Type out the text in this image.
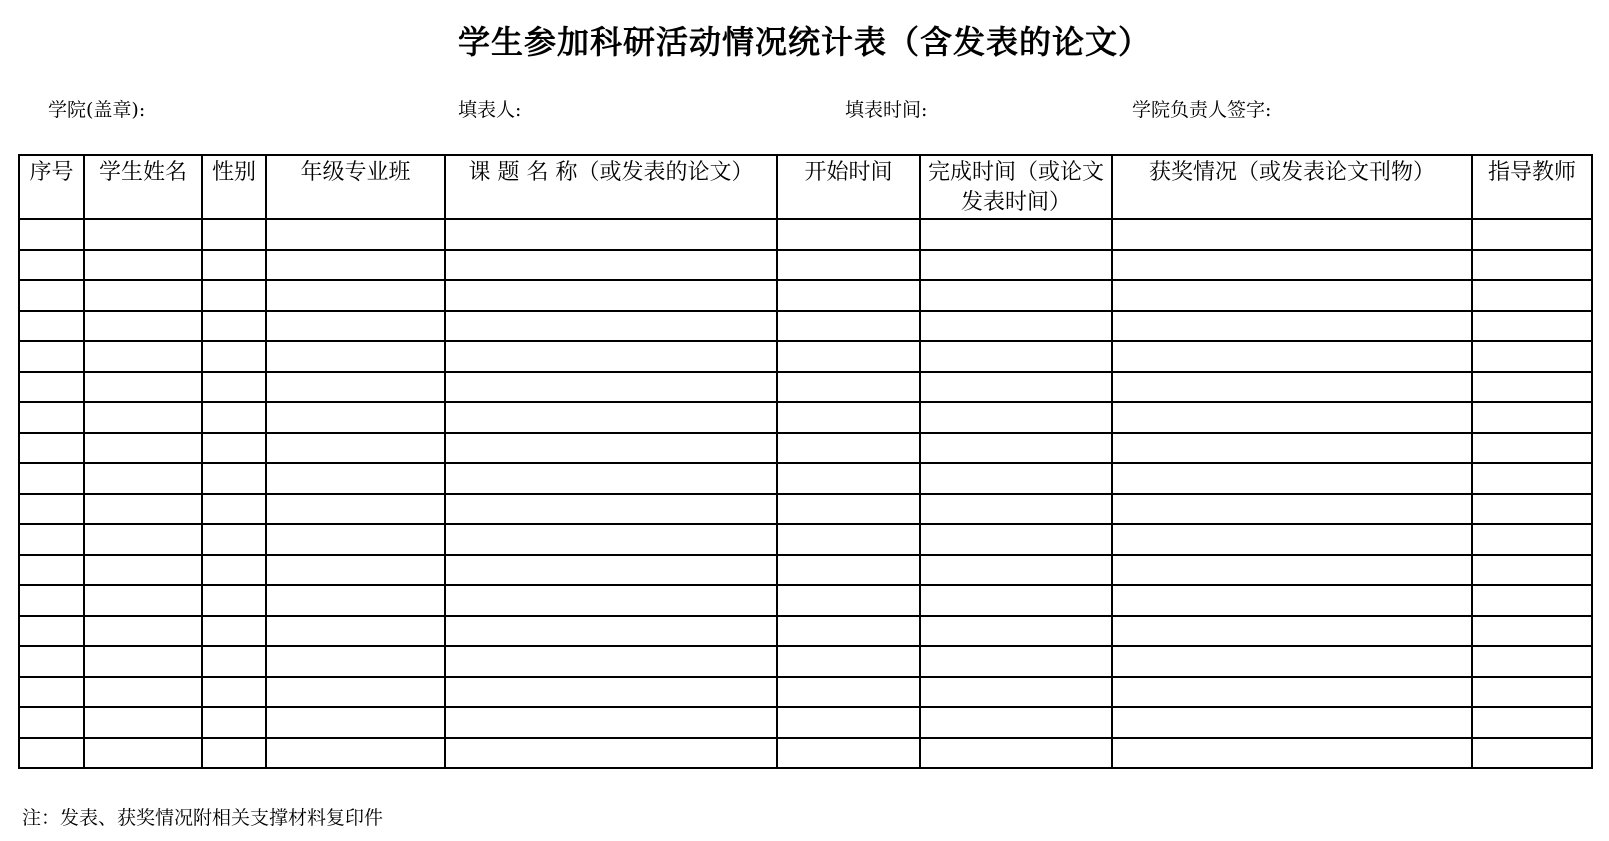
学生参加科研活动情况统计表（含发表的论文）
学院(盖章):	填表人:	填表时间:	学院负责人签字:
序号	学生姓名	性别	年级专业班	课 题 名 称（或发表的论文）	开始时间	完成时间（或论文发表时间）	获奖情况（或发表论文刊物）	指导教师

注：发表、获奖情况附相关支撑材料复印件
